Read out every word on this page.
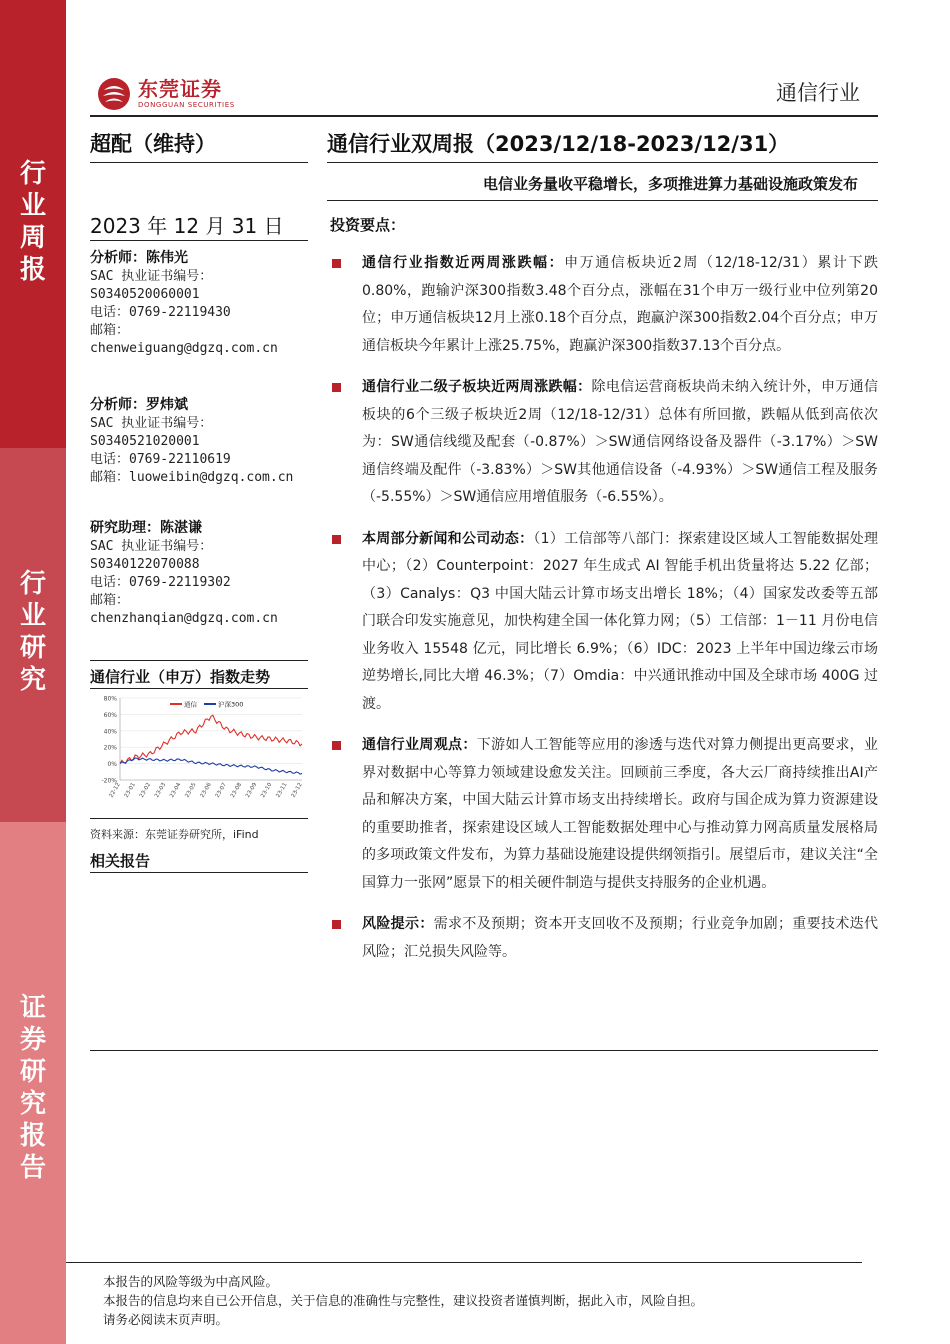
行业周报
行业研究
证券研究报告
东莞证券
DONGGUAN SECURITIES	通信行业
超配（维持）	通信行业双周报（2023/12/18-2023/12/31）
电信业务量收平稳增长，多项推进算力基础设施政策发布
2023 年 12 月 31 日
分析师：陈伟光
SAC 执业证书编号：
S0340520060001
电话：0769-22119430
邮箱：
chenweiguang@dgzq.com.cn
分析师：罗炜斌
SAC 执业证书编号：
S0340521020001
电话：0769-22110619
邮箱：luoweibin@dgzq.com.cn
研究助理：陈湛谦
SAC 执业证书编号：
S0340122070088
电话：0769-22119302
邮箱：
chenzhanqian@dgzq.com.cn
通信行业（申万）指数走势
80%
60%
40%
20%
0%
-20%
22-12 23-01 23-02 23-03 23-04 23-05 23-06 23-07 23-08 23-09 23-10 23-11 23-12
通信	沪深300
资料来源：东莞证券研究所，iFind
相关报告
投资要点：
通信行业指数近两周涨跌幅：申万通信板块近2周（12/18-12/31）累计下跌0.80%，跑输沪深300指数3.48个百分点，涨幅在31个申万一级行业中位列第20位；申万通信板块12月上涨0.18个百分点，跑赢沪深300指数2.04个百分点；申万通信板块今年累计上涨25.75%，跑赢沪深300指数37.13个百分点。
通信行业二级子板块近两周涨跌幅：除电信运营商板块尚未纳入统计外，申万通信板块的6个三级子板块近2周（12/18-12/31）总体有所回撤，跌幅从低到高依次为：SW通信线缆及配套（-0.87%）＞SW通信网络设备及器件（-3.17%）＞SW通信终端及配件（-3.83%）＞SW其他通信设备（-4.93%）＞SW通信工程及服务（-5.55%）＞SW通信应用增值服务（-6.55%）。
本周部分新闻和公司动态：（1）工信部等八部门：探索建设区域人工智能数据处理中心；（2）Counterpoint：2027 年生成式 AI 智能手机出货量将达 5.22 亿部；（3）Canalys：Q3 中国大陆云计算市场支出增长 18%；（4）国家发改委等五部门联合印发实施意见，加快构建全国一体化算力网；（5）工信部：1－11 月份电信业务收入 15548 亿元，同比增长 6.9%；（6）IDC：2023 上半年中国边缘云市场逆势增长,同比大增 46.3%；（7）Omdia：中兴通讯推动中国及全球市场 400G 过渡。
通信行业周观点：下游如人工智能等应用的渗透与迭代对算力侧提出更高要求，业界对数据中心等算力领域建设愈发关注。回顾前三季度，各大云厂商持续推出AI产品和解决方案，中国大陆云计算市场支出持续增长。政府与国企成为算力资源建设的重要助推者，探索建设区域人工智能数据处理中心与推动算力网高质量发展格局的多项政策文件发布，为算力基础设施建设提供纲领指引。展望后市，建议关注“全国算力一张网”愿景下的相关硬件制造与提供支持服务的企业机遇。
风险提示：需求不及预期；资本开支回收不及预期；行业竞争加剧；重要技术迭代风险；汇兑损失风险等。
本报告的风险等级为中高风险。
本报告的信息均来自已公开信息，关于信息的准确性与完整性，建议投资者谨慎判断，据此入市，风险自担。
请务必阅读末页声明。
